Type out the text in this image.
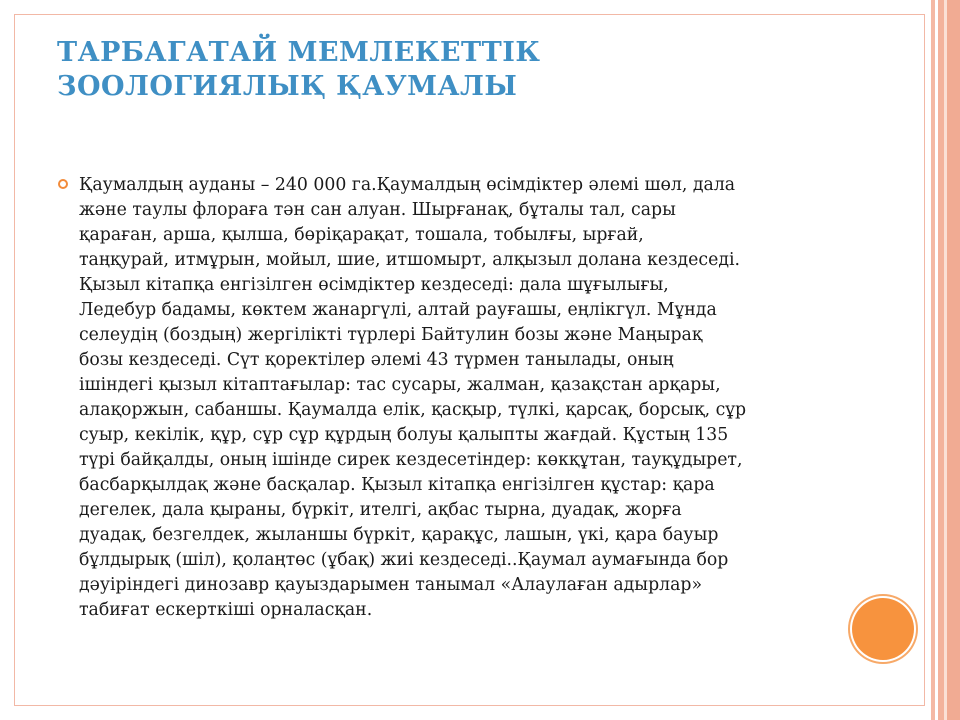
ТАРБАГАТАЙ МЕМЛЕКЕТТІК
ЗООЛОГИЯЛЫҚ ҚАУМАЛЫ
Қаумалдың ауданы – 240 000 га.Қаумалдың өсімдіктер әлемі шөл, дала
және таулы флораға тән сан алуан. Шырғанақ, бұталы тал, сары
қараған, арша, қылша, бөріқарақат, тошала, тобылғы, ырғай,
таңқурай, итмұрын, мойыл, шие, итшомырт, алқызыл долана кездеседі.
Қызыл кітапқа енгізілген өсімдіктер кездеседі: дала шұғылығы,
Ледебур бадамы, көктем жанаргүлі, алтай рауғашы, еңлікгүл. Мұнда
селеудің (боздың) жергілікті түрлері Байтулин бозы және Маңырақ
бозы кездеседі. Сүт қоректілер әлемі 43 түрмен танылады, оның
ішіндегі қызыл кітаптағылар: тас сусары, жалман, қазақстан арқары,
алақоржын, сабаншы. Қаумалда елік, қасқыр, түлкі, қарсақ, борсық, сұр
суыр, кекілік, құр, сұр сұр құрдың болуы қалыпты жағдай. Құстың 135
түрі байқалды, оның ішінде сирек кездесетіндер: көкқұтан, тауқұдырет,
басбарқылдақ және басқалар. Қызыл кітапқа енгізілген құстар: қара
дегелек, дала қыраны, бүркіт, ителгі, ақбас тырна, дуадақ, жорға
дуадақ, безгелдек, жыланшы бүркіт, қарақұс, лашын, үкі, қара бауыр
бұлдырық (шіл), қолаңтөс (ұбақ) жиі кездеседі..Қаумал аумағында бор
дәуіріндегі динозавр қауыздарымен танымал «Алаулаған адырлар»
табиғат ескерткіші орналасқан.
